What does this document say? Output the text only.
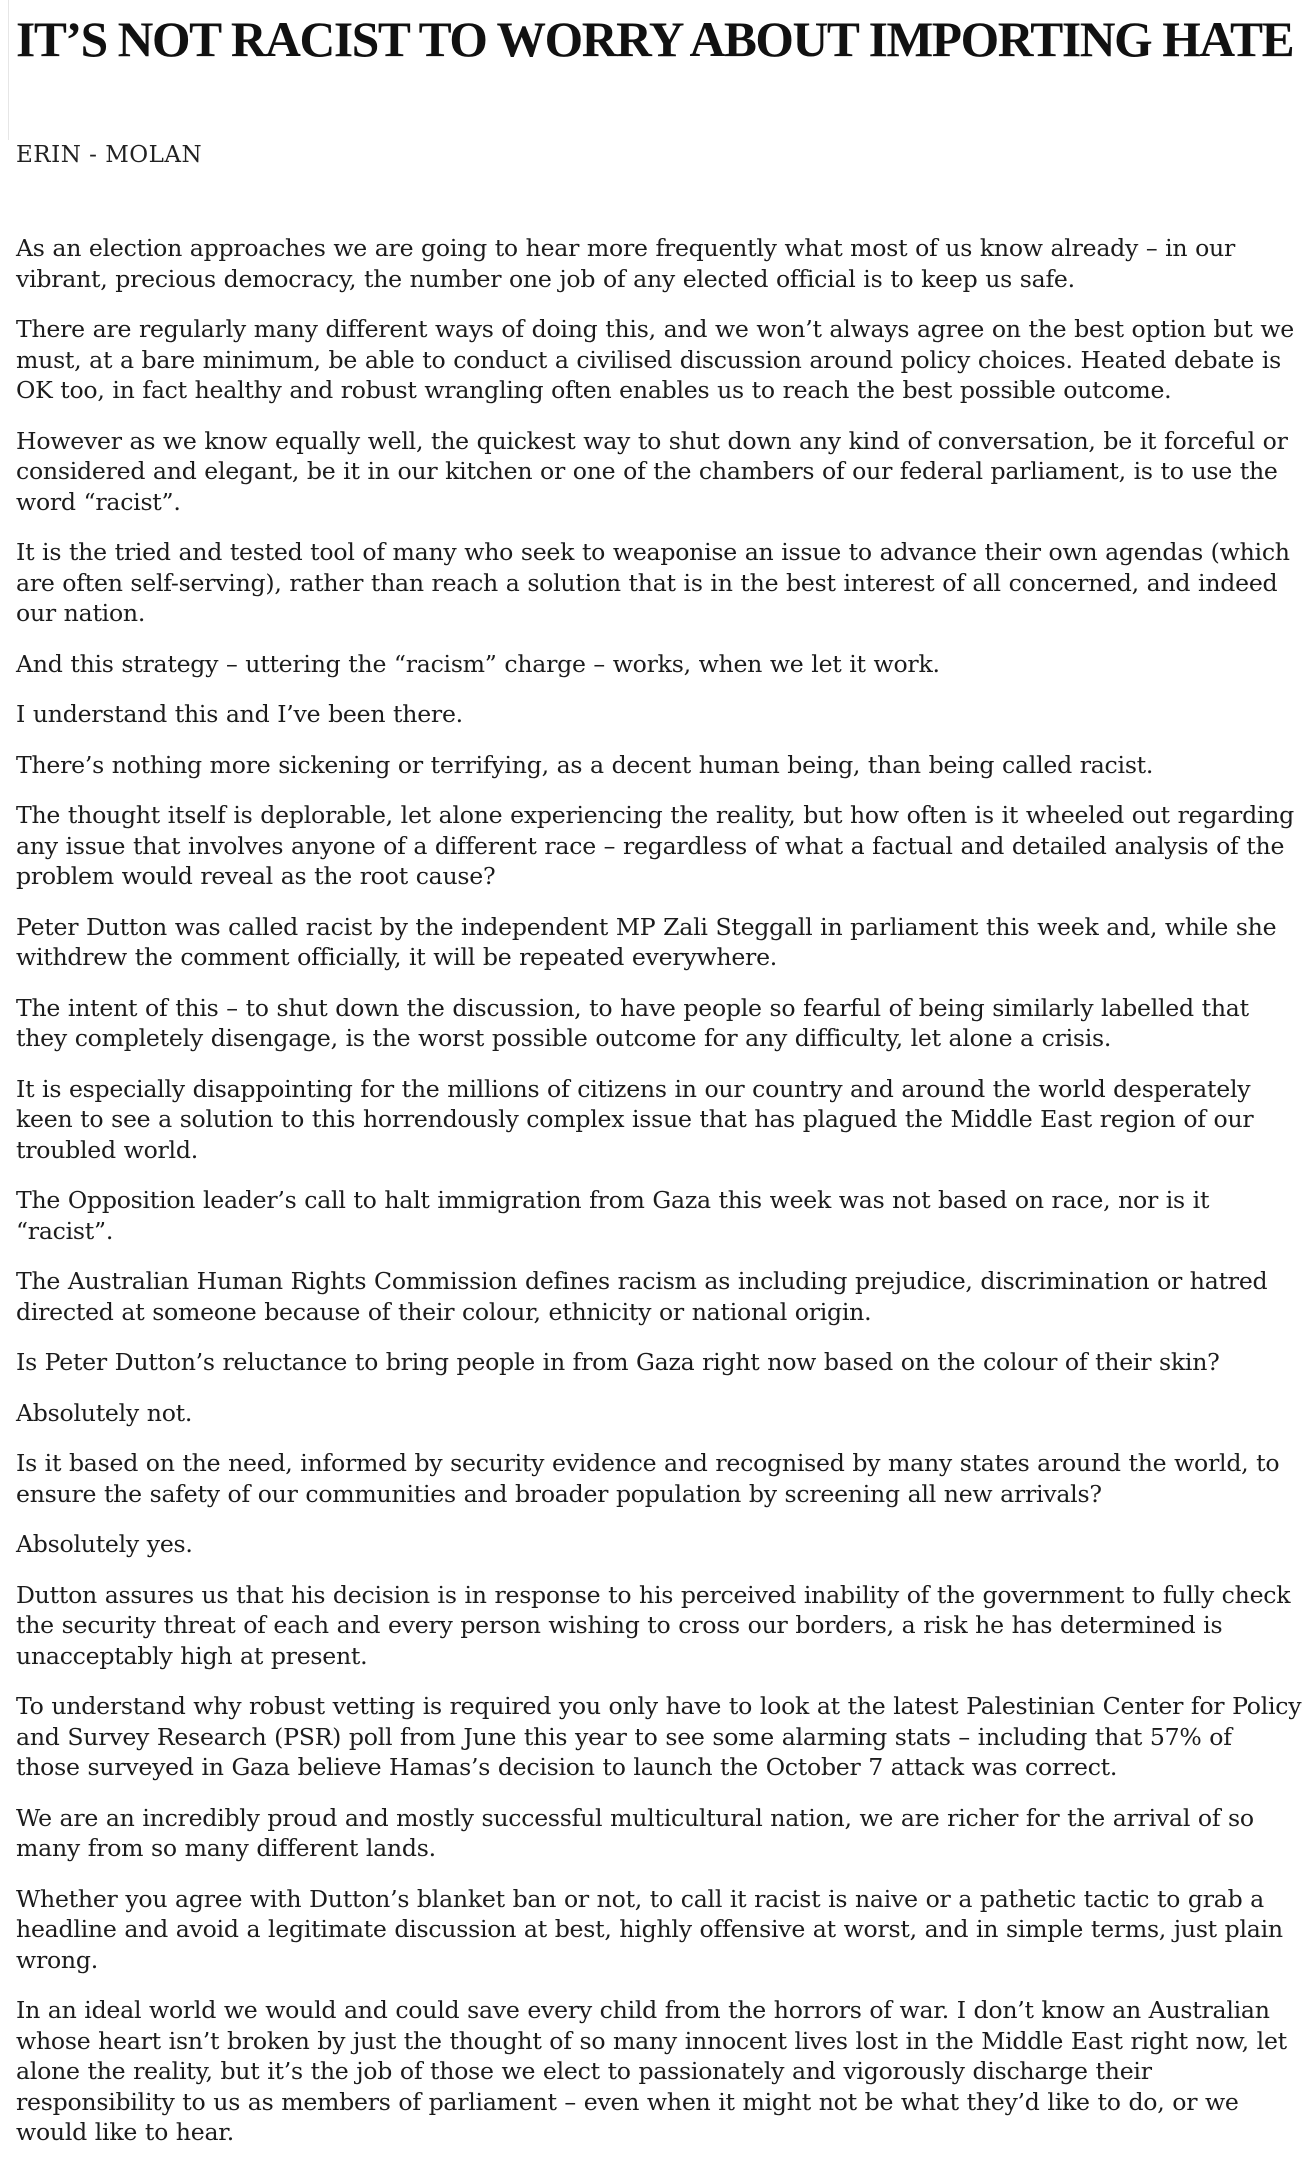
IT’S NOT RACIST TO WORRY ABOUT IMPORTING HATE
ERIN - MOLAN

As an election approaches we are going to hear more frequently what most of us know already – in our vibrant, precious democracy, the number one job of any elected official is to keep us safe.

There are regularly many different ways of doing this, and we won’t always agree on the best option but we must, at a bare minimum, be able to conduct a civilised discussion around policy choices. Heated debate is OK too, in fact healthy and robust wrangling often enables us to reach the best possible outcome.

However as we know equally well, the quickest way to shut down any kind of conversation, be it forceful or considered and elegant, be it in our kitchen or one of the chambers of our federal parliament, is to use the word “racist”.

It is the tried and tested tool of many who seek to weaponise an issue to advance their own agendas (which are often self-serving), rather than reach a solution that is in the best interest of all concerned, and indeed our nation.

And this strategy – uttering the “racism” charge – works, when we let it work.

I understand this and I’ve been there.

There’s nothing more sickening or terrifying, as a decent human being, than being called racist.

The thought itself is deplorable, let alone experiencing the reality, but how often is it wheeled out regarding any issue that involves anyone of a different race – regardless of what a factual and detailed analysis of the problem would reveal as the root cause?

Peter Dutton was called racist by the independent MP Zali Steggall in parliament this week and, while she withdrew the comment officially, it will be repeated everywhere.

The intent of this – to shut down the discussion, to have people so fearful of being similarly labelled that they completely disengage, is the worst possible outcome for any difficulty, let alone a crisis.

It is especially disappointing for the millions of citizens in our country and around the world desperately keen to see a solution to this horrendously complex issue that has plagued the Middle East region of our troubled world.

The Opposition leader’s call to halt immigration from Gaza this week was not based on race, nor is it “racist”.

The Australian Human Rights Commission defines racism as including prejudice, discrimination or hatred directed at someone because of their colour, ethnicity or national origin.

Is Peter Dutton’s reluctance to bring people in from Gaza right now based on the colour of their skin?

Absolutely not.

Is it based on the need, informed by security evidence and recognised by many states around the world, to ensure the safety of our communities and broader population by screening all new arrivals?

Absolutely yes.

Dutton assures us that his decision is in response to his perceived inability of the government to fully check the security threat of each and every person wishing to cross our borders, a risk he has determined is unacceptably high at present.

To understand why robust vetting is required you only have to look at the latest Palestinian Center for Policy and Survey Research (PSR) poll from June this year to see some alarming stats – including that 57% of those surveyed in Gaza believe Hamas’s decision to launch the October 7 attack was correct.

We are an incredibly proud and mostly successful multicultural nation, we are richer for the arrival of so many from so many different lands.

Whether you agree with Dutton’s blanket ban or not, to call it racist is naive or a pathetic tactic to grab a headline and avoid a legitimate discussion at best, highly offensive at worst, and in simple terms, just plain wrong.

In an ideal world we would and could save every child from the horrors of war. I don’t know an Australian whose heart isn’t broken by just the thought of so many innocent lives lost in the Middle East right now, let alone the reality, but it’s the job of those we elect to passionately and vigorously discharge their responsibility to us as members of parliament – even when it might not be what they’d like to do, or we would like to hear.
